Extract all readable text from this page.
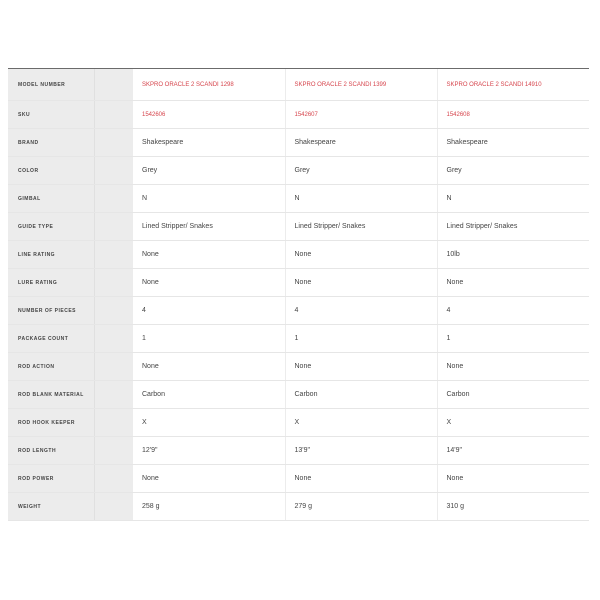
MODEL NUMBER		SKPRO ORACLE 2 SCANDI 1298	SKPRO ORACLE 2 SCANDI 1399	SKPRO ORACLE 2 SCANDI 14910
SKU		1542606	1542607	1542608
BRAND		Shakespeare	Shakespeare	Shakespeare
COLOR		Grey	Grey	Grey
GIMBAL		N	N	N
GUIDE TYPE		Lined Stripper/ Snakes	Lined Stripper/ Snakes	Lined Stripper/ Snakes
LINE RATING		None	None	10lb
LURE RATING		None	None	None
NUMBER OF PIECES		4	4	4
PACKAGE COUNT		1	1	1
ROD ACTION		None	None	None
ROD BLANK MATERIAL		Carbon	Carbon	Carbon
ROD HOOK KEEPER		X	X	X
ROD LENGTH		12'9"	13'9"	14'9"
ROD POWER		None	None	None
WEIGHT		258 g	279 g	310 g
